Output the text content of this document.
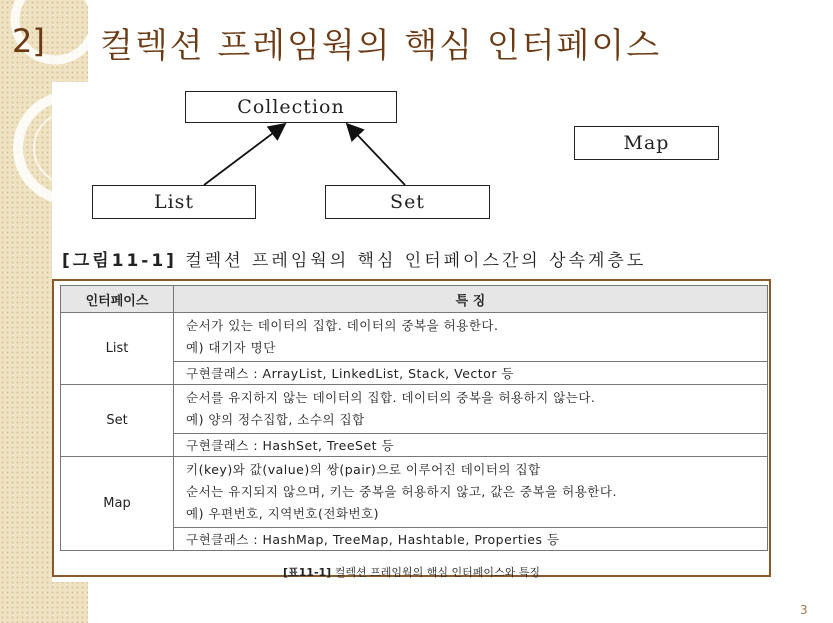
2] 컬렉션 프레임웍의 핵심 인터페이스
Collection
List	Set
Map
[그림11-1] 컬렉션 프레임웍의 핵심 인터페이스간의 상속계층도
인터페이스	특 징
List	순서가 있는 데이터의 집합. 데이터의 중복을 허용한다.
예) 대기자 명단

	구현클래스 : ArrayList, LinkedList, Stack, Vector 등
Set	순서를 유지하지 않는 데이터의 집합. 데이터의 중복을 허용하지 않는다.
예) 양의 정수집합, 소수의 집합

	구현클래스 : HashSet, TreeSet 등
Map	키(key)와 값(value)의 쌍(pair)으로 이루어진 데이터의 집합
순서는 유지되지 않으며, 키는 중복을 허용하지 않고, 값은 중복을 허용한다.
예) 우편번호, 지역번호(전화번호)

	구현클래스 : HashMap, TreeMap, Hashtable, Properties 등
[표11-1] 컬렉션 프레임웍의 핵심 인터페이스와 특징
3
